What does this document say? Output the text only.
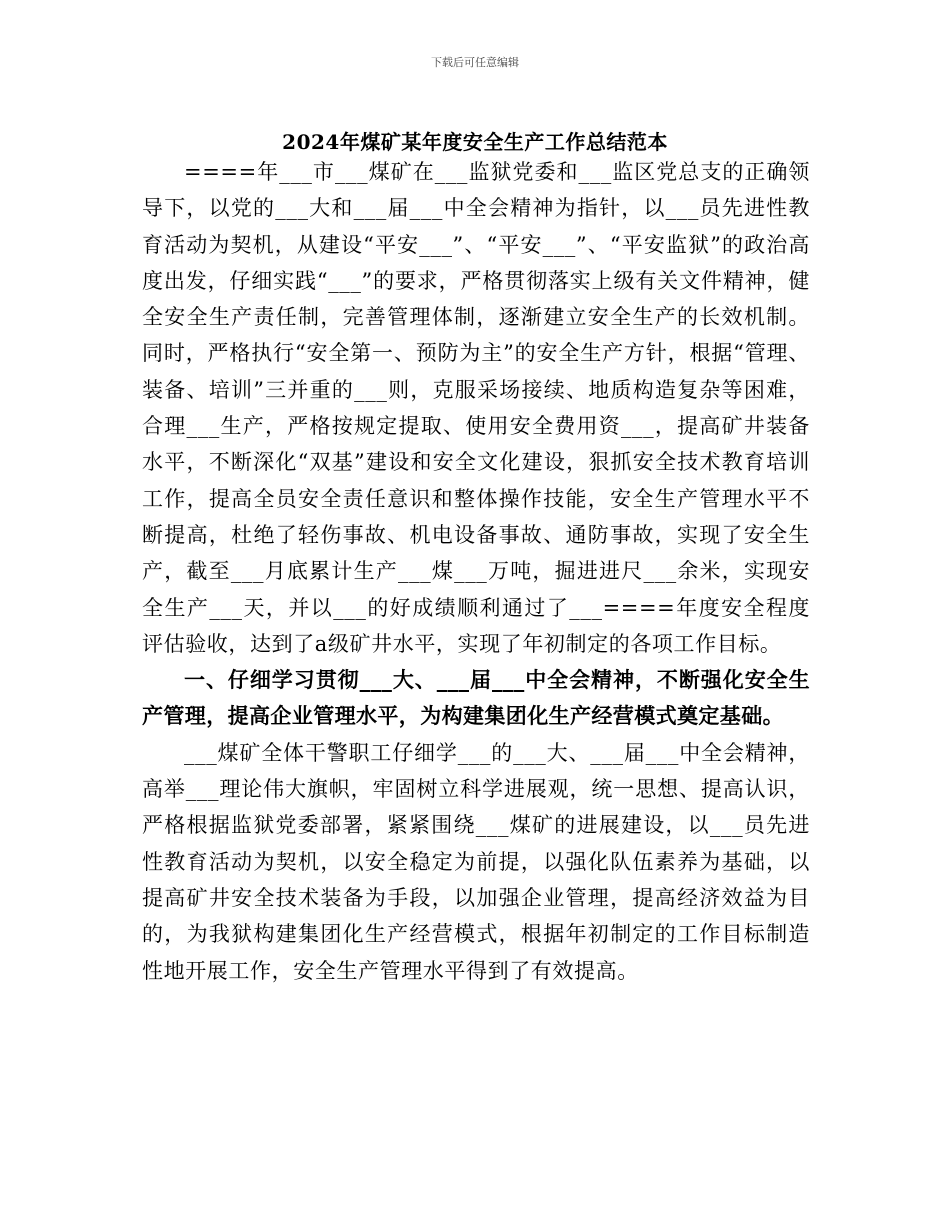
下载后可任意编辑
2024年煤矿某年度安全生产工作总结范本

====年___市___煤矿在___监狱党委和___监区党总支的正确领导下，以党的___大和___届___中全会精神为指针，以___员先进性教育活动为契机，从建设“平安___”、“平安___”、“平安监狱”的政治高度出发，仔细实践“___”的要求，严格贯彻落实上级有关文件精神，健全安全生产责任制，完善管理体制，逐渐建立安全生产的长效机制。同时，严格执行“安全第一、预防为主”的安全生产方针，根据“管理、装备、培训”三并重的___则，克服采场接续、地质构造复杂等困难，合理___生产，严格按规定提取、使用安全费用资___，提高矿井装备水平，不断深化“双基”建设和安全文化建设，狠抓安全技术教育培训工作，提高全员安全责任意识和整体操作技能，安全生产管理水平不断提高，杜绝了轻伤事故、机电设备事故、通防事故，实现了安全生产，截至___月底累计生产___煤___万吨，掘进进尺___余米，实现安全生产___天，并以___的好成绩顺利通过了___====年度安全程度评估验收，达到了a级矿井水平，实现了年初制定的各项工作目标。

一、仔细学习贯彻___大、___届___中全会精神，不断强化安全生产管理，提高企业管理水平，为构建集团化生产经营模式奠定基础。

___煤矿全体干警职工仔细学___的___大、___届___中全会精神，高举___理论伟大旗帜，牢固树立科学进展观，统一思想、提高认识，严格根据监狱党委部署，紧紧围绕___煤矿的进展建设，以___员先进性教育活动为契机，以安全稳定为前提，以强化队伍素养为基础，以提高矿井安全技术装备为手段，以加强企业管理，提高经济效益为目的，为我狱构建集团化生产经营模式，根据年初制定的工作目标制造性地开展工作，安全生产管理水平得到了有效提高。
